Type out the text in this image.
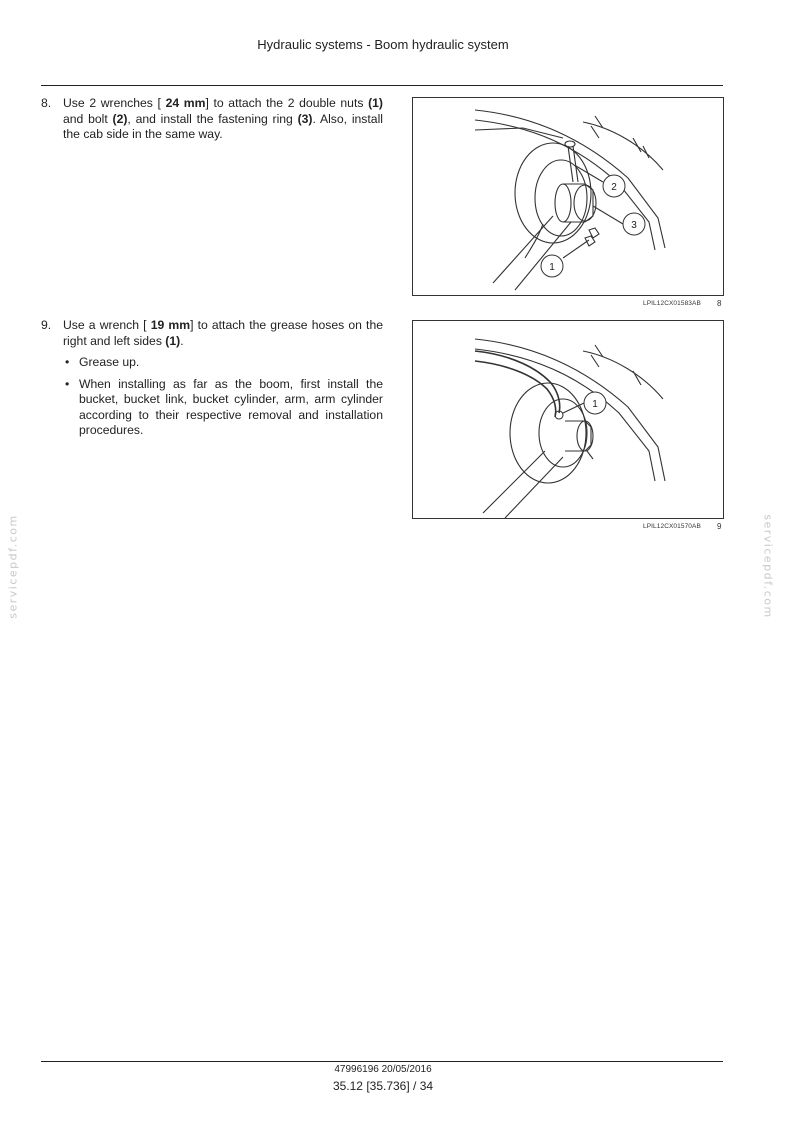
Hydraulic systems - Boom hydraulic system
8. Use 2 wrenches [ 24 mm] to attach the 2 double nuts (1) and bolt (2), and install the fastening ring (3). Also, install the cab side in the same way.
2
3
1
LPIL12CX01583AB 8
9. Use a wrench [ 19 mm] to attach the grease hoses on the right and left sides (1).
• Grease up.
• When installing as far as the boom, first install the bucket, bucket link, bucket cylinder, arm, arm cylinder according to their respective removal and installation procedures.
1
LPIL12CX01570AB 9
servicepdf.com	servicepdf.com
47996196 20/05/2016
35.12 [35.736] / 34
